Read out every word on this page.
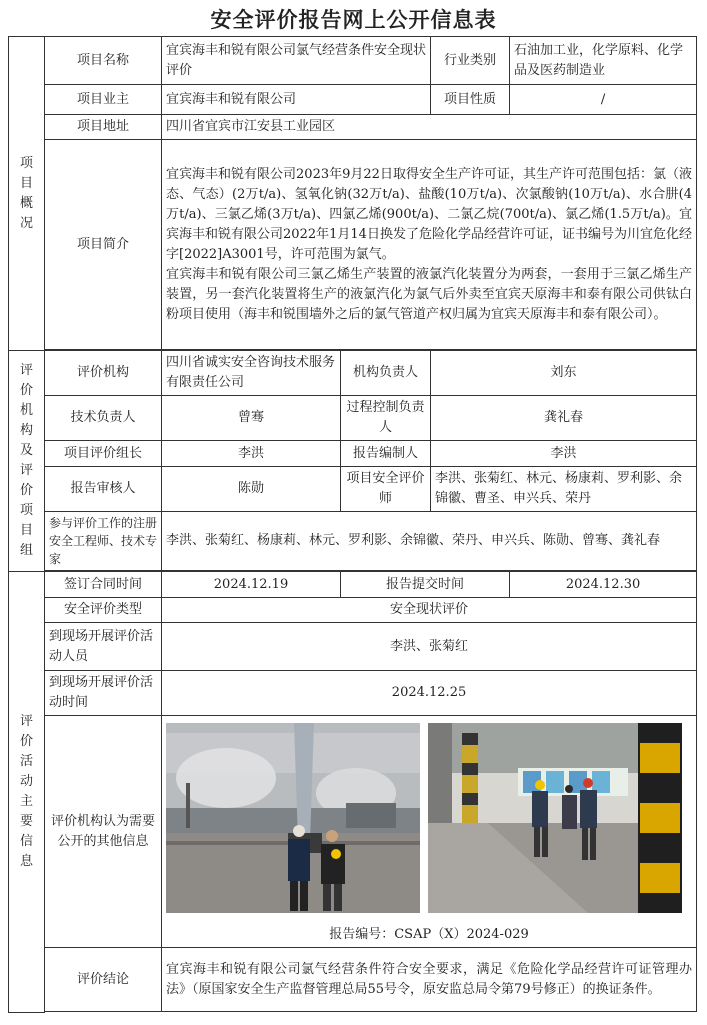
安全评价报告网上公开信息表
项目概况	项目名称	宜宾海丰和锐有限公司氯气经营条件安全现状评价		行业类别	石油加工业，化学原料、化学品及医药制造业
	项目业主	宜宾海丰和锐有限公司		项目性质	/
	项目地址	四川省宜宾市江安县工业园区			
	项目简介	宜宾海丰和锐有限公司2023年9月22日取得安全生产许可证，其生产许可范围包括：氯（液态、气态）(2万t/a)、氢氧化钠(32万t/a)、盐酸(10万t/a)、次氯酸钠(10万t/a)、水合肼(4万t/a)、三氯乙烯(3万t/a)、四氯乙烯(900t/a)、二氯乙烷(700t/a)、氯乙烯(1.5万t/a)。宜宾海丰和锐有限公司2022年1月14日换发了危险化学品经营许可证，证书编号为川宜危化经字[2022]A3001号，许可范围为氯气。
宜宾海丰和锐有限公司三氯乙烯生产装置的液氯汽化装置分为两套，一套用于三氯乙烯生产装置，另一套汽化装置将生产的液氯汽化为氯气后外卖至宜宾天原海丰和泰有限公司供钛白粉项目使用（海丰和锐围墙外之后的氯气管道产权归属为宜宾天原海丰和泰有限公司）。			

评价机构及评价项目组	评价机构	四川省诚实安全咨询技术服务有限责任公司	机构负责人	刘东	
	技术负责人	曾骞	过程控制负责人	龚礼春	
	项目评价组长	李洪	报告编制人	李洪	
	报告审核人	陈勋	项目安全评价师	李洪、张菊红、林元、杨康莉、罗利影、余锦徽、曹圣、申兴兵、荣丹	
	参与评价工作的注册安全工程师、技术专家	李洪、张菊红、杨康莉、林元、罗利影、余锦徽、荣丹、申兴兵、陈勋、曾骞、龚礼春			

评价活动主要信息	签订合同时间	2024.12.19	报告提交时间		2024.12.30
	安全评价类型	安全现状评价			
	到现场开展评价活动人员	李洪、张菊红			
	到现场开展评价活动时间	2024.12.25			
	评价机构认为需要公开的其他信息	报告编号：CSAP（X）2024-029			

	评价结论	宜宾海丰和锐有限公司氯气经营条件符合安全要求，满足《危险化学品经营许可证管理办法》（原国家安全生产监督管理总局55号令，原安监总局令第79号修正）的换证条件。			
